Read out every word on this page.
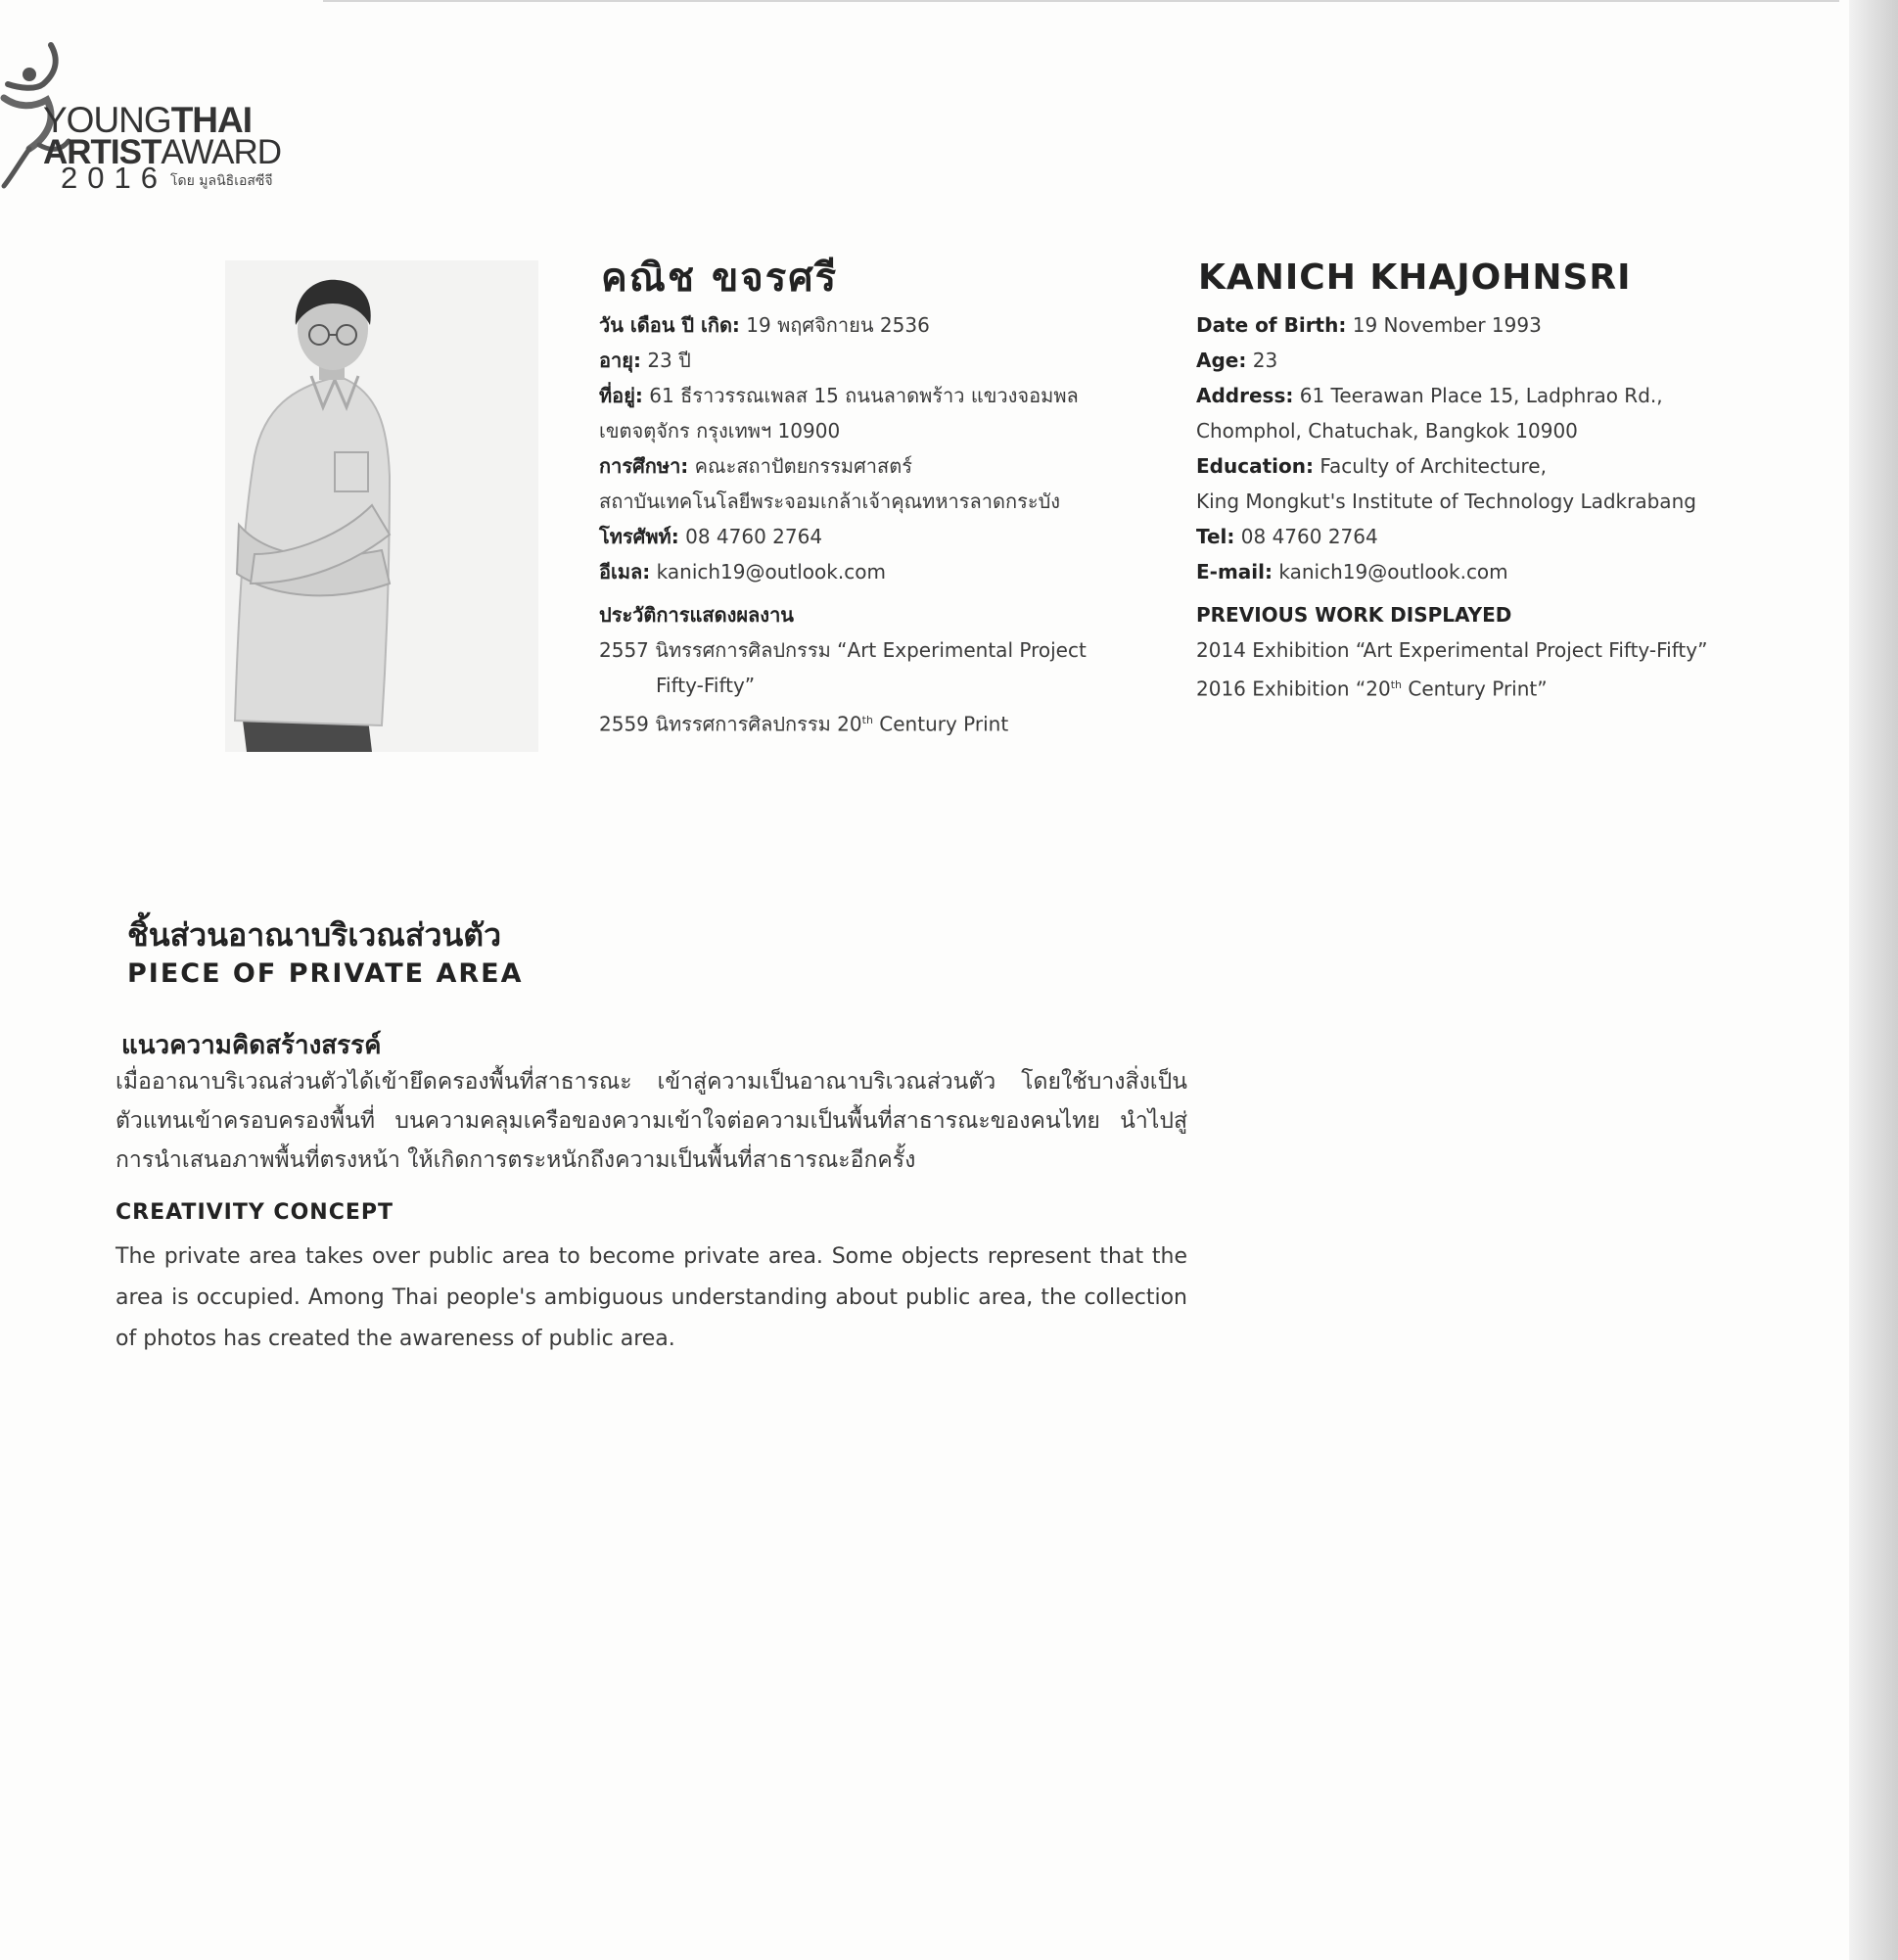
YOUNGTHAI
ARTISTAWARD
2016 โดย มูลนิธิเอสซีจี
คณิช ขจรศรี
วัน เดือน ปี เกิด: 19 พฤศจิกายน 2536
อายุ: 23 ปี
ที่อยู่: 61 ธีราวรรณเพลส 15 ถนนลาดพร้าว แขวงจอมพล
เขตจตุจักร กรุงเทพฯ 10900
การศึกษา: คณะสถาปัตยกรรมศาสตร์
สถาบันเทคโนโลยีพระจอมเกล้าเจ้าคุณทหารลาดกระบัง
โทรศัพท์: 08 4760 2764
อีเมล: kanich19@outlook.com
ประวัติการแสดงผลงาน
2557 นิทรรศการศิลปกรรม “Art Experimental Project
Fifty-Fifty”
2559 นิทรรศการศิลปกรรม 20th Century Print
KANICH KHAJOHNSRI
Date of Birth: 19 November 1993
Age: 23
Address: 61 Teerawan Place 15, Ladphrao Rd.,
Chomphol, Chatuchak, Bangkok 10900
Education: Faculty of Architecture,
King Mongkut's Institute of Technology Ladkrabang
Tel: 08 4760 2764
E-mail: kanich19@outlook.com
PREVIOUS WORK DISPLAYED
2014 Exhibition “Art Experimental Project Fifty-Fifty”
2016 Exhibition “20th Century Print”
ชิ้นส่วนอาณาบริเวณส่วนตัว
PIECE OF PRIVATE AREA
แนวความคิดสร้างสรรค์
เมื่ออาณาบริเวณส่วนตัวได้เข้ายึดครองพื้นที่สาธารณะ เข้าสู่ความเป็นอาณาบริเวณส่วนตัว โดยใช้บางสิ่งเป็นตัวแทนเข้าครอบครองพื้นที่ บนความคลุมเครือของความเข้าใจต่อความเป็นพื้นที่สาธารณะของคนไทย นำไปสู่การนำเสนอภาพพื้นที่ตรงหน้า ให้เกิดการตระหนักถึงความเป็นพื้นที่สาธารณะอีกครั้ง
CREATIVITY CONCEPT
The private area takes over public area to become private area. Some objects represent that the area is occupied. Among Thai people's ambiguous understanding about public area, the collection of photos has created the awareness of public area.
